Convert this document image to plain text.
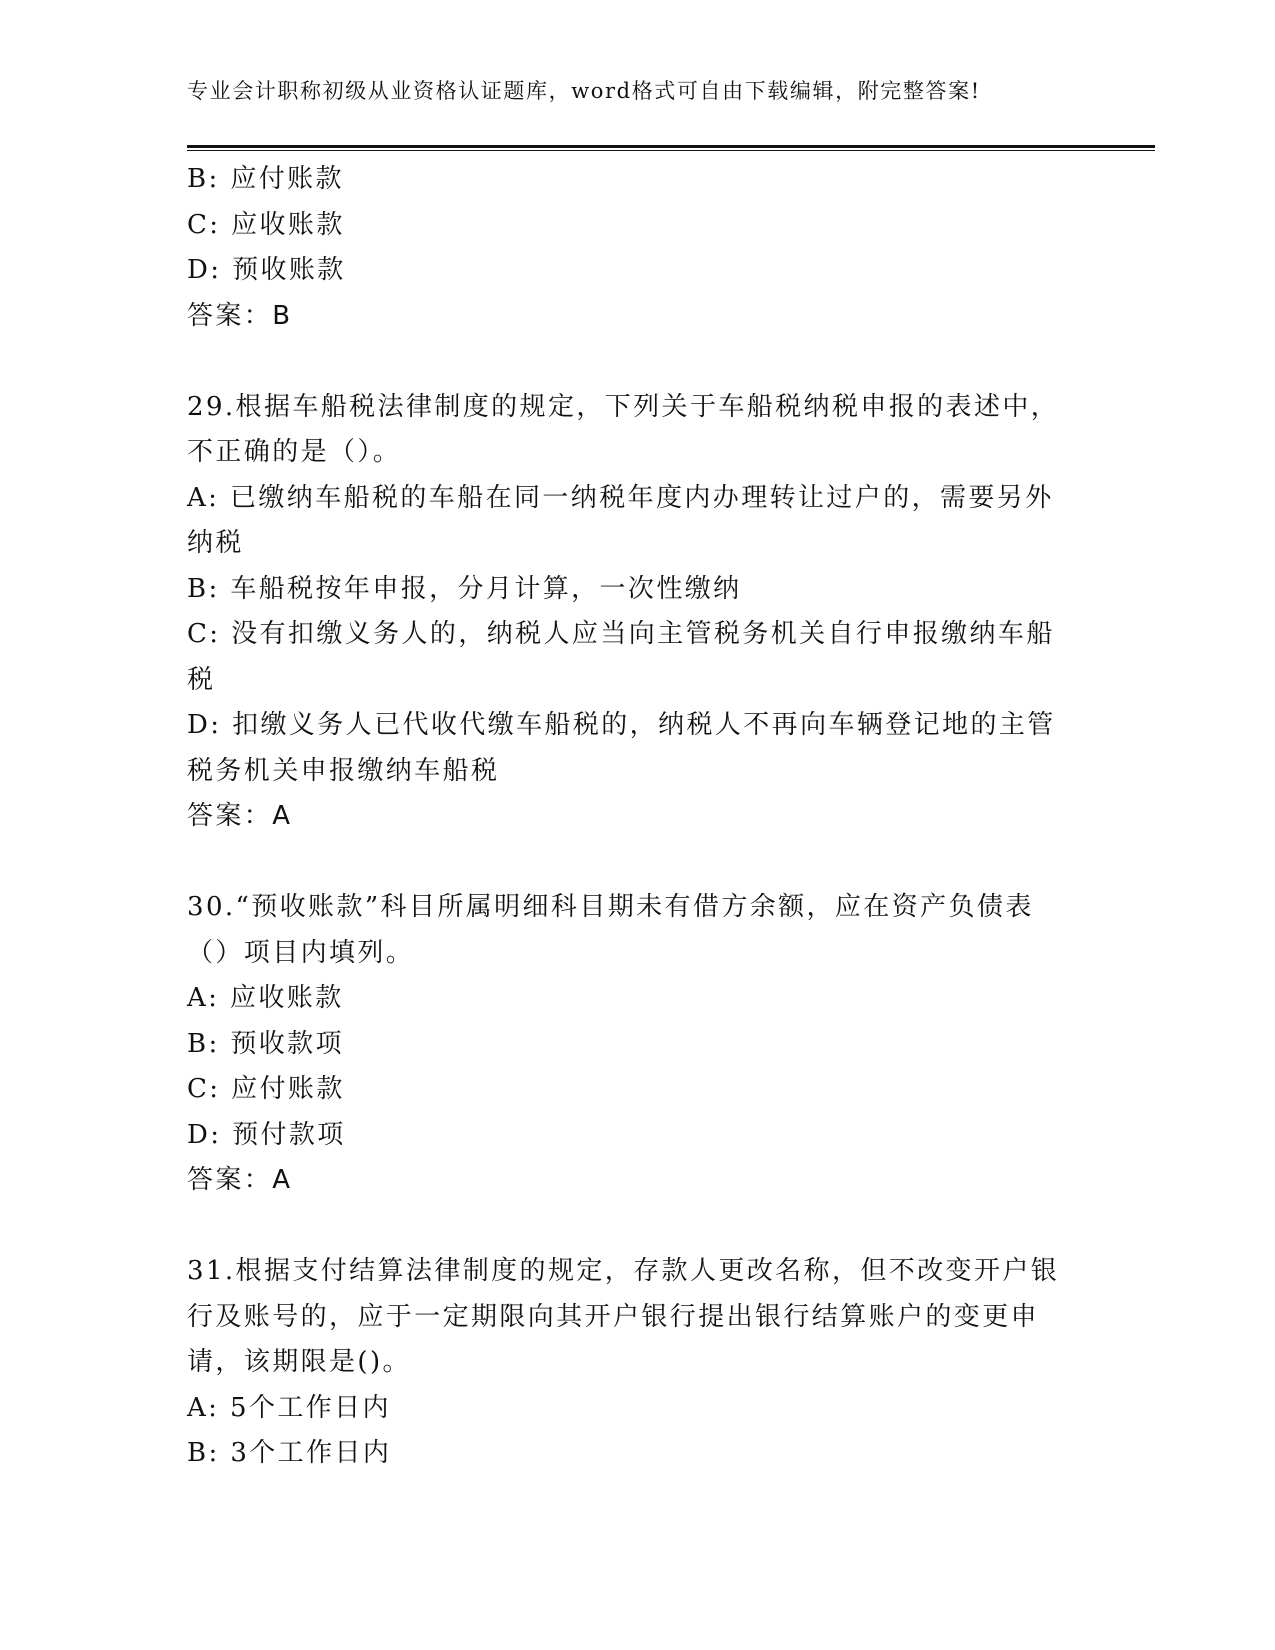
专业会计职称初级从业资格认证题库，word格式可自由下载编辑，附完整答案!
B: 应付账款
C: 应收账款
D: 预收账款
答案：B
29.根据车船税法律制度的规定，下列关于车船税纳税申报的表述中，
不正确的是（）。
A: 已缴纳车船税的车船在同一纳税年度内办理转让过户的，需要另外
纳税
B: 车船税按年申报，分月计算，一次性缴纳
C: 没有扣缴义务人的，纳税人应当向主管税务机关自行申报缴纳车船
税
D: 扣缴义务人已代收代缴车船税的，纳税人不再向车辆登记地的主管
税务机关申报缴纳车船税
答案：A
30.“预收账款”科目所属明细科目期未有借方余额，应在资产负债表
（）项目内填列。
A: 应收账款
B: 预收款项
C: 应付账款
D: 预付款项
答案：A
31.根据支付结算法律制度的规定，存款人更改名称，但不改变开户银
行及账号的，应于一定期限向其开户银行提出银行结算账户的变更申
请，该期限是()。
A: 5个工作日内
B: 3个工作日内
